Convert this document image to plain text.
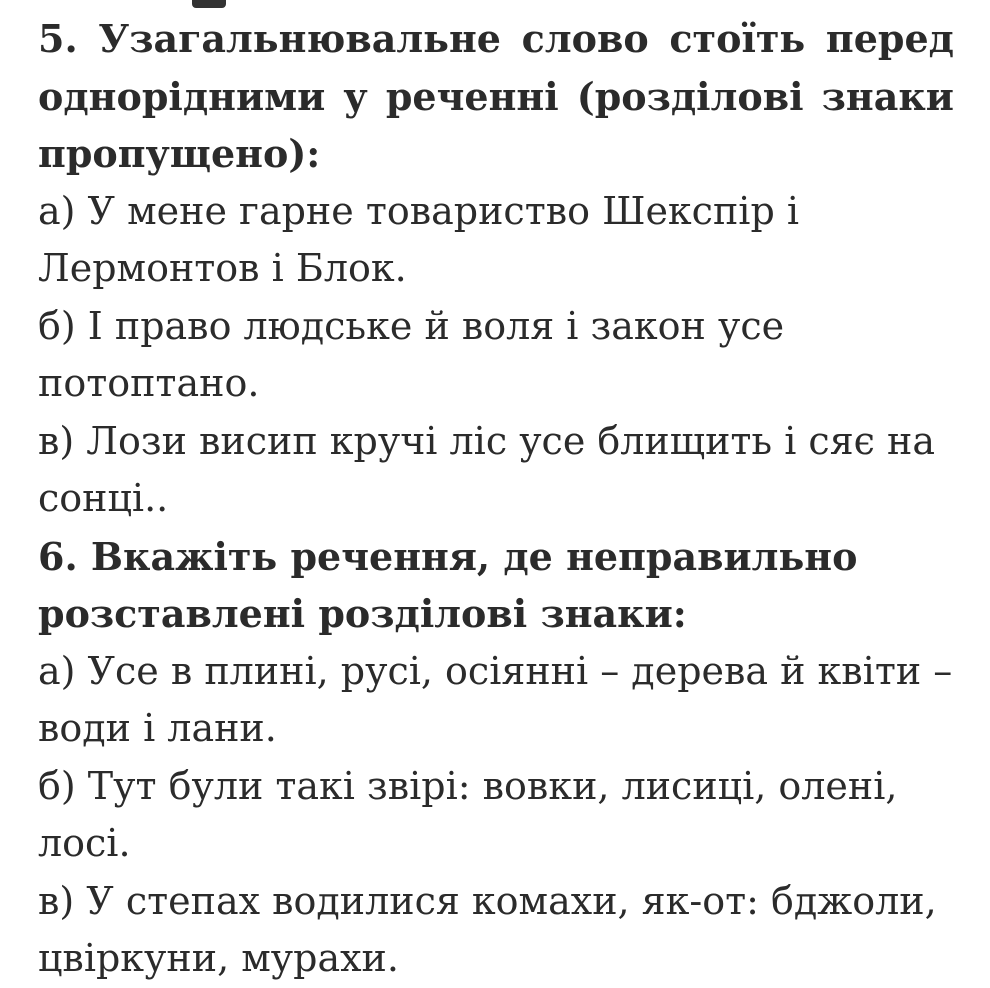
5. Узагальнювальне слово стоїть перед однорідними у реченні (розділові знаки пропущено):

а) У мене гарне товариство Шекспір і Лермонтов і Блок.

б) І право людське й воля і закон усе потоптано.

в) Лози висип кручі ліс усе блищить і сяє на сонці..

6. Вкажіть речення, де неправильно розставлені розділові знаки:

а) Усе в плині, русі, осіянні – дерева й квіти – води і лани.

б) Тут були такі звірі: вовки, лисиці, олені, лосі.

в) У степах водилися комахи, як-от: бджоли, цвіркуни, мурахи.
